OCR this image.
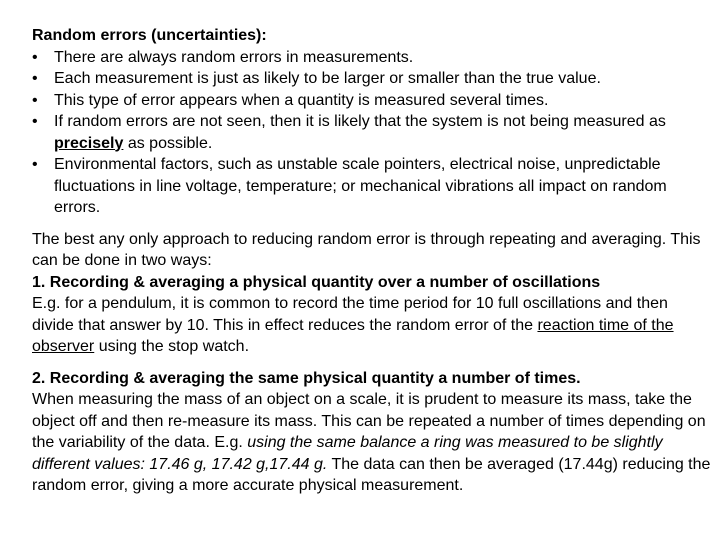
Random errors (uncertainties):
• There are always random errors in measurements.
• Each measurement is just as likely to be larger or smaller than the true value.
• This type of error appears when a quantity is measured several times.
• If random errors are not seen, then it is likely that the system is not being measured as precisely as possible.
• Environmental factors, such as unstable scale pointers, electrical noise, unpredictable fluctuations in line voltage, temperature; or mechanical vibrations all impact on random errors.
The best any only approach to reducing random error is through repeating and averaging. This can be done in two ways:
1. Recording & averaging a physical quantity over a number of oscillations
E.g. for a pendulum, it is common to record the time period for 10 full oscillations and then divide that answer by 10. This in effect reduces the random error of the reaction time of the observer using the stop watch.
2. Recording & averaging the same physical quantity a number of times.
When measuring the mass of an object on a scale, it is prudent to measure its mass, take the object off and then re-measure its mass. This can be repeated a number of times depending on the variability of the data. E.g. using the same balance a ring was measured to be slightly different values: 17.46 g, 17.42 g,17.44 g. The data can then be averaged (17.44g) reducing the random error, giving a more accurate physical measurement.
